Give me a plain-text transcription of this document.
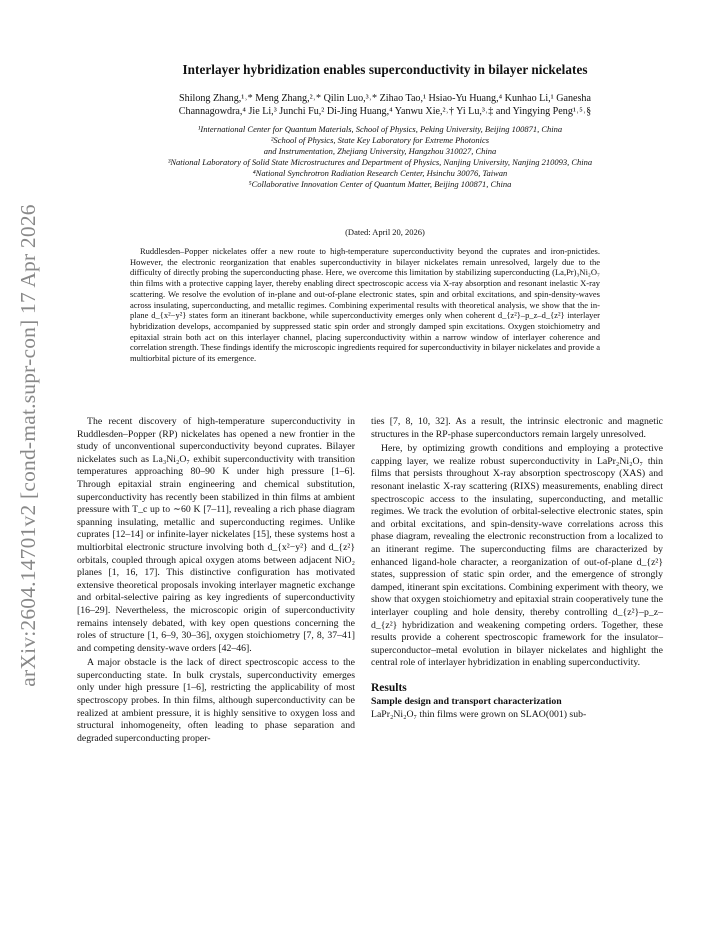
arXiv:2604.14701v2 [cond-mat.supr-con] 17 Apr 2026
Interlayer hybridization enables superconductivity in bilayer nickelates
Shilong Zhang,¹˒* Meng Zhang,²˒* Qilin Luo,³˒* Zihao Tao,¹ Hsiao-Yu Huang,⁴ Kunhao Li,¹ Ganesha
Channagowdra,⁴ Jie Li,³ Junchi Fu,² Di-Jing Huang,⁴ Yanwu Xie,²˒† Yi Lu,³˒‡ and Yingying Peng¹˒⁵˒§
¹International Center for Quantum Materials, School of Physics, Peking University, Beijing 100871, China
²School of Physics, State Key Laboratory for Extreme Photonics
and Instrumentation, Zhejiang University, Hangzhou 310027, China
³National Laboratory of Solid State Microstructures and Department of Physics, Nanjing University, Nanjing 210093, China
⁴National Synchrotron Radiation Research Center, Hsinchu 30076, Taiwan
⁵Collaborative Innovation Center of Quantum Matter, Beijing 100871, China
(Dated: April 20, 2026)
Ruddlesden–Popper nickelates offer a new route to high-temperature superconductivity beyond the cuprates and iron-pnictides. However, the electronic reorganization that enables superconductivity in bilayer nickelates remain unresolved, largely due to the difficulty of directly probing the superconducting phase. Here, we overcome this limitation by stabilizing superconducting (La,Pr)₃Ni₂O₇ thin films with a protective capping layer, thereby enabling direct spectroscopic access via X-ray absorption and resonant inelastic X-ray scattering. We resolve the evolution of in-plane and out-of-plane electronic states, spin and orbital excitations, and spin-density-waves across insulating, superconducting, and metallic regimes. Combining experimental results with theoretical analysis, we show that the in-plane d_{x²−y²} states form an itinerant backbone, while superconductivity emerges only when coherent d_{z²}–p_z–d_{z²} interlayer hybridization develops, accompanied by suppressed static spin order and strongly damped spin excitations. Oxygen stoichiometry and epitaxial strain both act on this interlayer channel, placing superconductivity within a narrow window of interlayer coherence and correlation strength. These findings identify the microscopic ingredients required for superconductivity in bilayer nickelates and provide a multiorbital picture of its emergence.

The recent discovery of high-temperature superconductivity in Ruddlesden–Popper (RP) nickelates has opened a new frontier in the study of unconventional superconductivity beyond cuprates. Bilayer nickelates such as La₃Ni₂O₇ exhibit superconductivity with transition temperatures approaching 80–90 K under high pressure [1–6]. Through epitaxial strain engineering and chemical substitution, superconductivity has recently been stabilized in thin films at ambient pressure with T_c up to ∼60 K [7–11], revealing a rich phase diagram spanning insulating, metallic and superconducting regimes. Unlike cuprates [12–14] or infinite-layer nickelates [15], these systems host a multiorbital electronic structure involving both d_{x²−y²} and d_{z²} orbitals, coupled through apical oxygen atoms between adjacent NiO₂ planes [1, 16, 17]. This distinctive configuration has motivated extensive theoretical proposals invoking interlayer magnetic exchange and orbital-selective pairing as key ingredients of superconductivity [16–29]. Nevertheless, the microscopic origin of superconductivity remains intensely debated, with key open questions concerning the roles of structure [1, 6–9, 30–36], oxygen stoichiometry [7, 8, 37–41] and competing density-wave orders [42–46].

A major obstacle is the lack of direct spectroscopic access to the superconducting state. In bulk crystals, superconductivity emerges only under high pressure [1–6], restricting the applicability of most spectroscopy probes. In thin films, although superconductivity can be realized at ambient pressure, it is highly sensitive to oxygen loss and structural inhomogeneity, often leading to phase separation and degraded superconducting proper-

ties [7, 8, 10, 32]. As a result, the intrinsic electronic and magnetic structures in the RP-phase superconductors remain largely unresolved.

Here, by optimizing growth conditions and employing a protective capping layer, we realize robust superconductivity in LaPr₂Ni₂O₇ thin films that persists throughout X-ray absorption spectroscopy (XAS) and resonant inelastic X-ray scattering (RIXS) measurements, enabling direct spectroscopic access to the insulating, superconducting, and metallic regimes. We track the evolution of orbital-selective electronic states, spin and orbital excitations, and spin-density-wave correlations across this phase diagram, revealing the electronic reconstruction from a localized to an itinerant regime. The superconducting films are characterized by enhanced ligand-hole character, a reorganization of out-of-plane d_{z²} states, suppression of static spin order, and the emergence of strongly damped, itinerant spin excitations. Combining experiment with theory, we show that oxygen stoichiometry and epitaxial strain cooperatively tune the interlayer coupling and hole density, thereby controlling d_{z²}–p_z–d_{z²} hybridization and weakening competing orders. Together, these results provide a coherent spectroscopic framework for the insulator–superconductor–metal evolution in bilayer nickelates and highlight the central role of interlayer hybridization in enabling superconductivity.

Results
Sample design and transport characterization

LaPr₂Ni₂O₇ thin films were grown on SLAO(001) sub-
